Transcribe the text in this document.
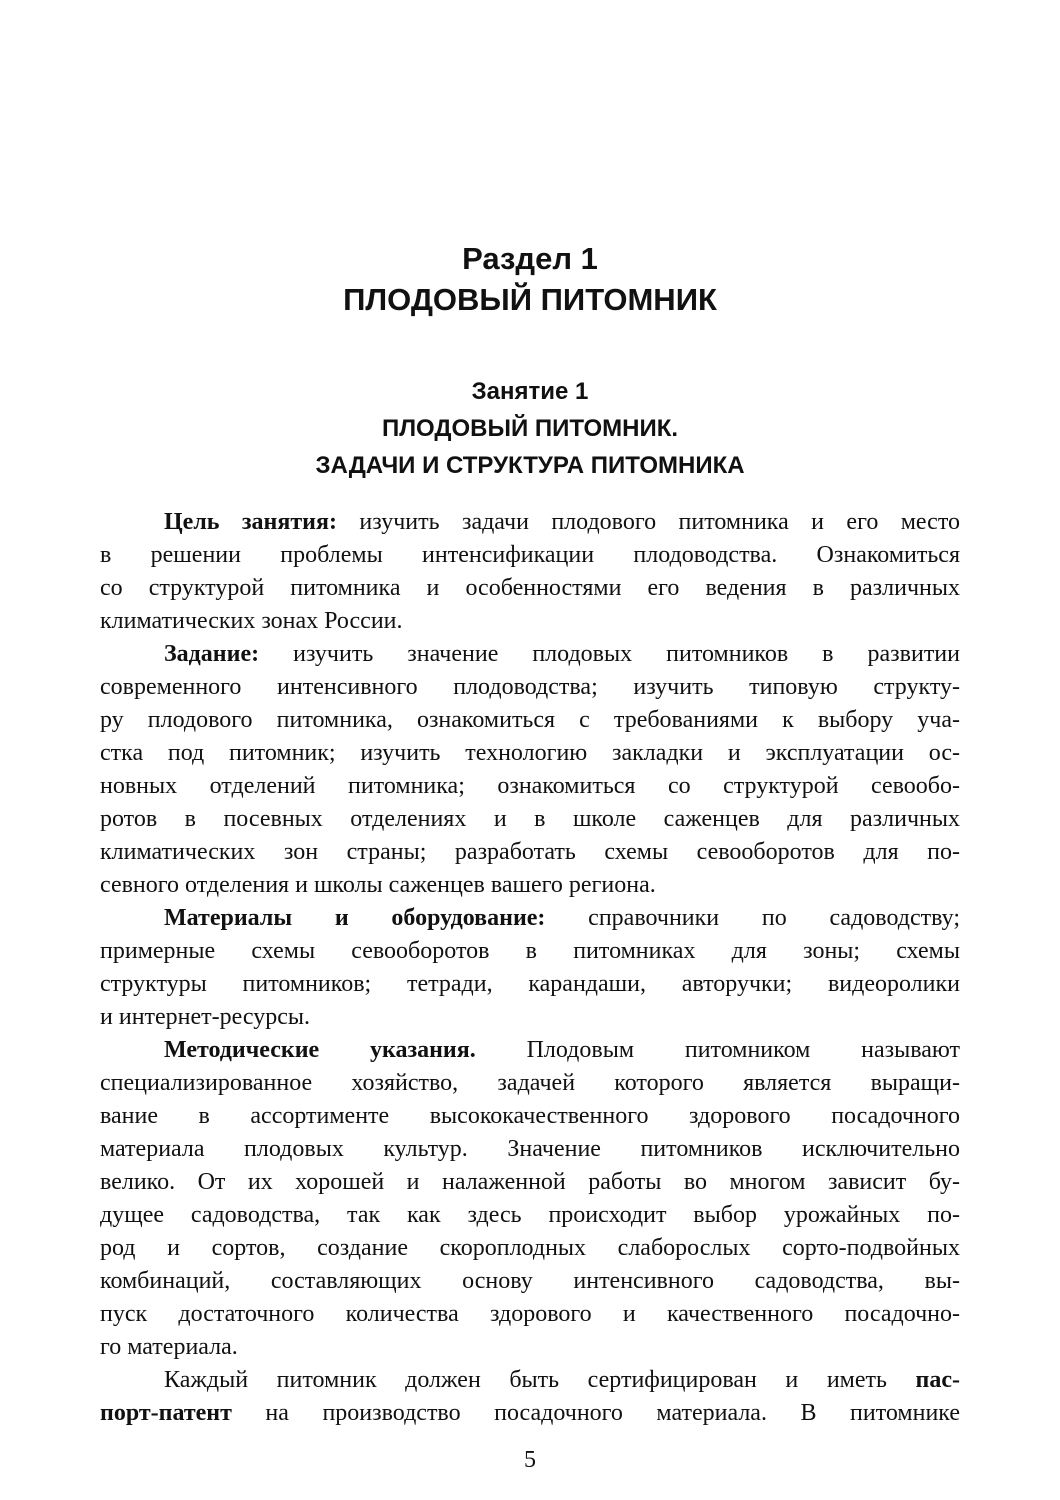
Раздел 1
ПЛОДОВЫЙ ПИТОМНИК
Занятие 1
ПЛОДОВЫЙ ПИТОМНИК.
ЗАДАЧИ И СТРУКТУРА ПИТОМНИКА

Цель занятия: изучить задачи плодового питомника и его место
в решении проблемы интенсификации плодоводства. Ознакомиться
со структурой питомника и особенностями его ведения в различных
климатических зонах России.

Задание: изучить значение плодовых питомников в развитии
современного интенсивного плодоводства; изучить типовую структу-
ру плодового питомника, ознакомиться с требованиями к выбору уча-
стка под питомник; изучить технологию закладки и эксплуатации ос-
новных отделений питомника; ознакомиться со структурой севообо-
ротов в посевных отделениях и в школе саженцев для различных
климатических зон страны; разработать схемы севооборотов для по-
севного отделения и школы саженцев вашего региона.

Материалы и оборудование: справочники по садоводству;
примерные схемы севооборотов в питомниках для зоны; схемы
структуры питомников; тетради, карандаши, авторучки; видеоролики
и интернет-ресурсы.

Методические указания. Плодовым питомником называют
специализированное хозяйство, задачей которого является выращи-
вание в ассортименте высококачественного здорового посадочного
материала плодовых культур. Значение питомников исключительно
велико. От их хорошей и налаженной работы во многом зависит бу-
дущее садоводства, так как здесь происходит выбор урожайных по-
род и сортов, создание скороплодных слаборослых сорто-подвойных
комбинаций, составляющих основу интенсивного садоводства, вы-
пуск достаточного количества здорового и качественного посадочно-
го материала.

Каждый питомник должен быть сертифицирован и иметь пас-
порт-патент на производство посадочного материала. В питомнике

5
